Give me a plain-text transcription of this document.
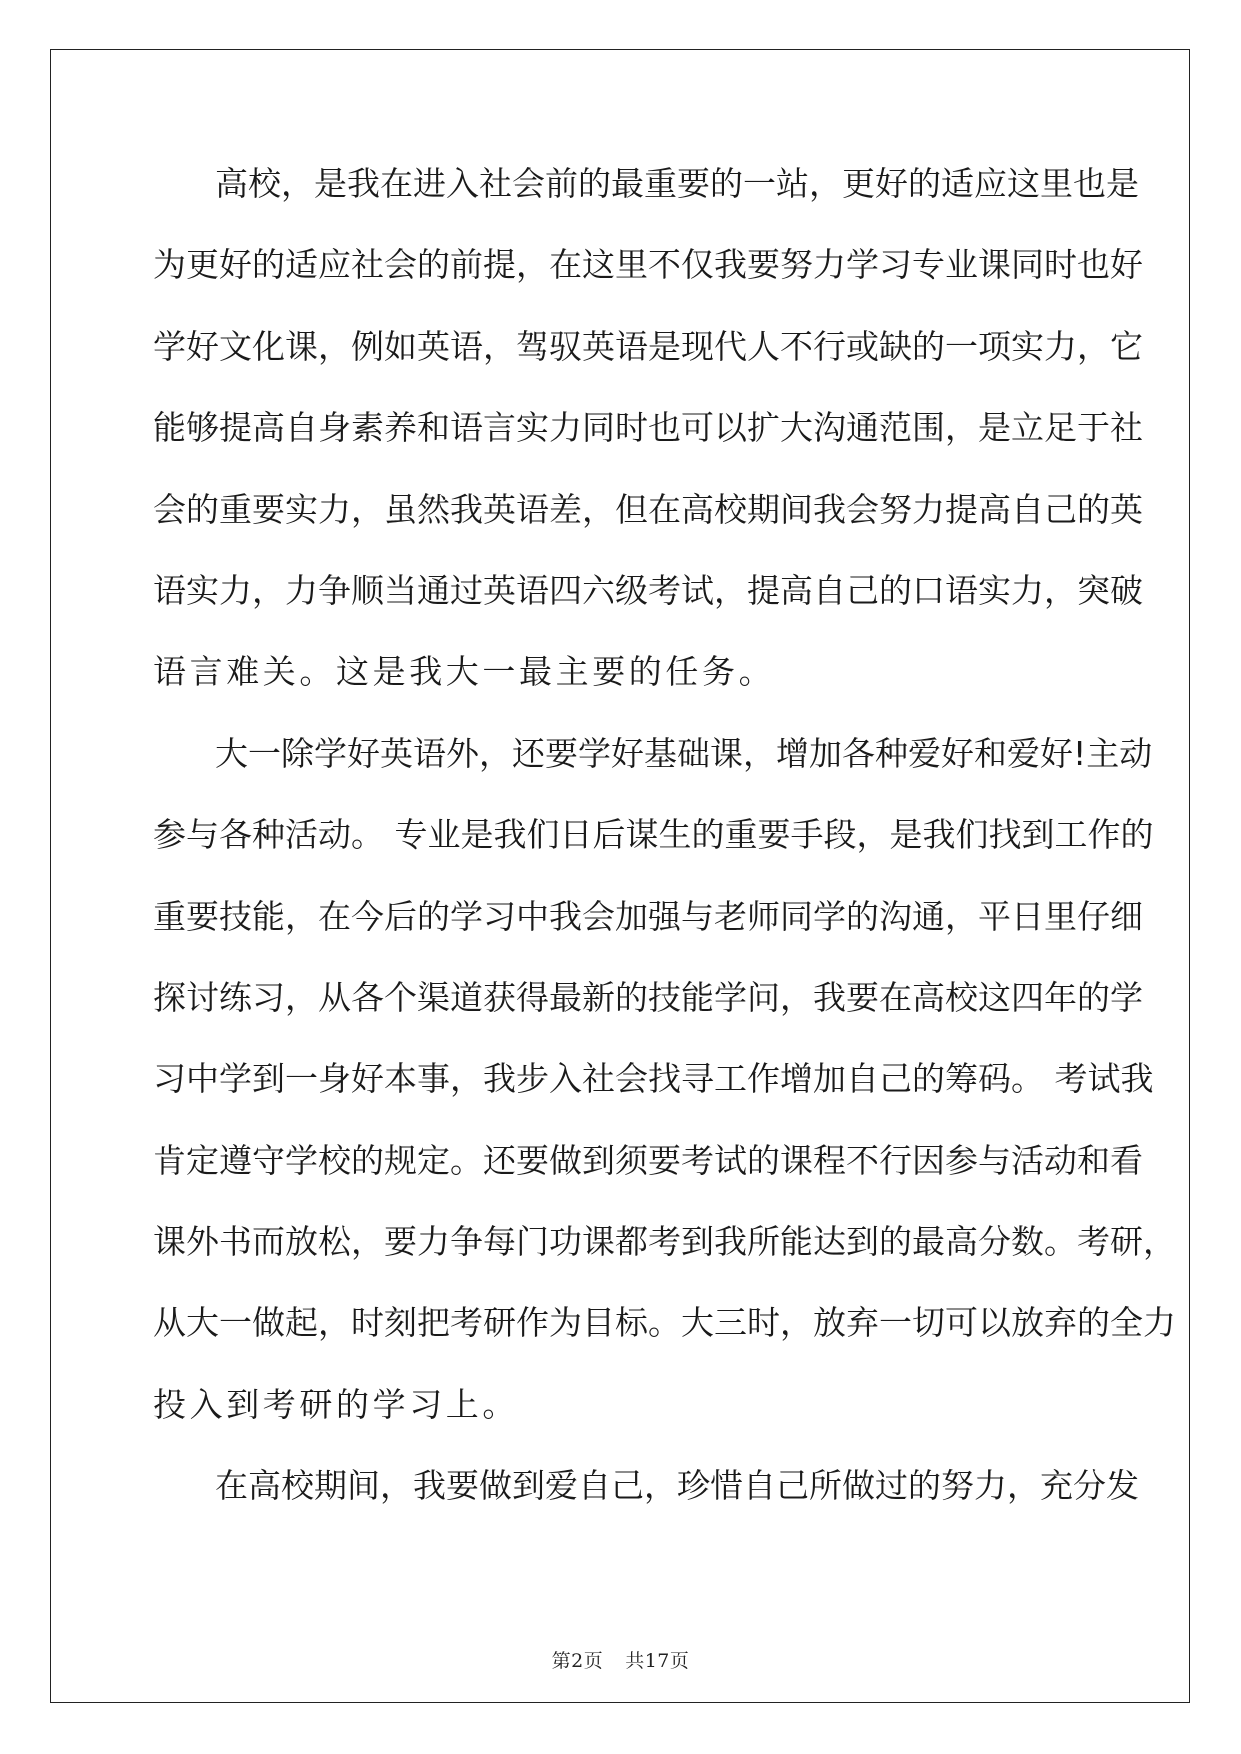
高校，是我在进入社会前的最重要的一站，更好的适应这里也是
为更好的适应社会的前提，在这里不仅我要努力学习专业课同时也好
学好文化课，例如英语，驾驭英语是现代人不行或缺的一项实力，它
能够提高自身素养和语言实力同时也可以扩大沟通范围，是立足于社
会的重要实力，虽然我英语差，但在高校期间我会努力提高自己的英
语实力，力争顺当通过英语四六级考试，提高自己的口语实力，突破
语言难关。这是我大一最主要的任务。
大一除学好英语外，还要学好基础课，增加各种爱好和爱好!主动
参与各种活动。 专业是我们日后谋生的重要手段，是我们找到工作的
重要技能，在今后的学习中我会加强与老师同学的沟通，平日里仔细
探讨练习，从各个渠道获得最新的技能学问，我要在高校这四年的学
习中学到一身好本事，我步入社会找寻工作增加自己的筹码。 考试我
肯定遵守学校的规定。还要做到须要考试的课程不行因参与活动和看
课外书而放松，要力争每门功课都考到我所能达到的最高分数。考研，
从大一做起，时刻把考研作为目标。大三时，放弃一切可以放弃的全力
投入到考研的学习上。
在高校期间，我要做到爱自己，珍惜自己所做过的努力，充分发
第2页 共17页
